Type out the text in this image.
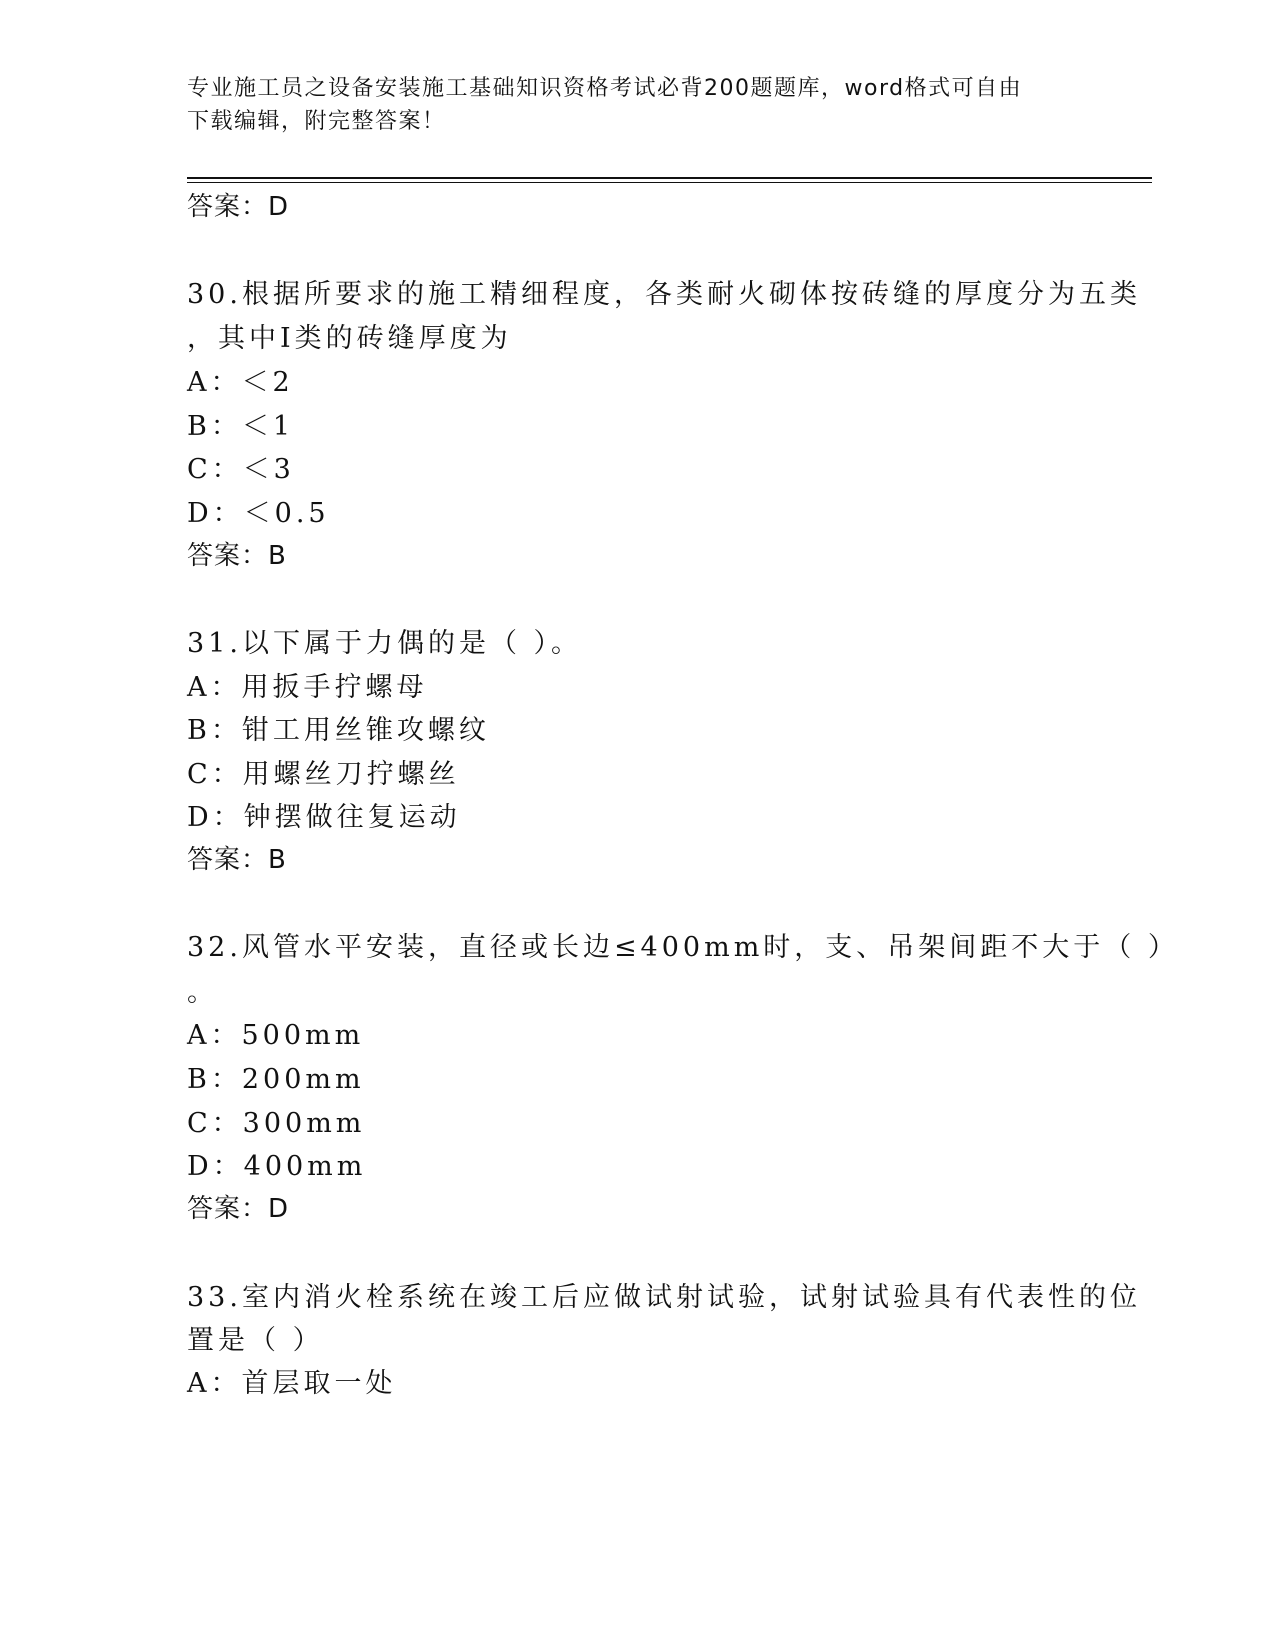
专业施工员之设备安装施工基础知识资格考试必背200题题库，word格式可自由
下载编辑，附完整答案！
答案：D
30.根据所要求的施工精细程度，各类耐火砌体按砖缝的厚度分为五类
，其中Ⅰ类的砖缝厚度为
A：＜2
B：＜1
C：＜3
D：＜0.5
答案：B
31.以下属于力偶的是（ ）。
A：用扳手拧螺母
B：钳工用丝锥攻螺纹
C：用螺丝刀拧螺丝
D：钟摆做往复运动
答案：B
32.风管水平安装，直径或长边≤400mm时，支、吊架间距不大于（ ）
。
A：500mm
B：200mm
C：300mm
D：400mm
答案：D
33.室内消火栓系统在竣工后应做试射试验，试射试验具有代表性的位
置是（ ）
A：首层取一处
